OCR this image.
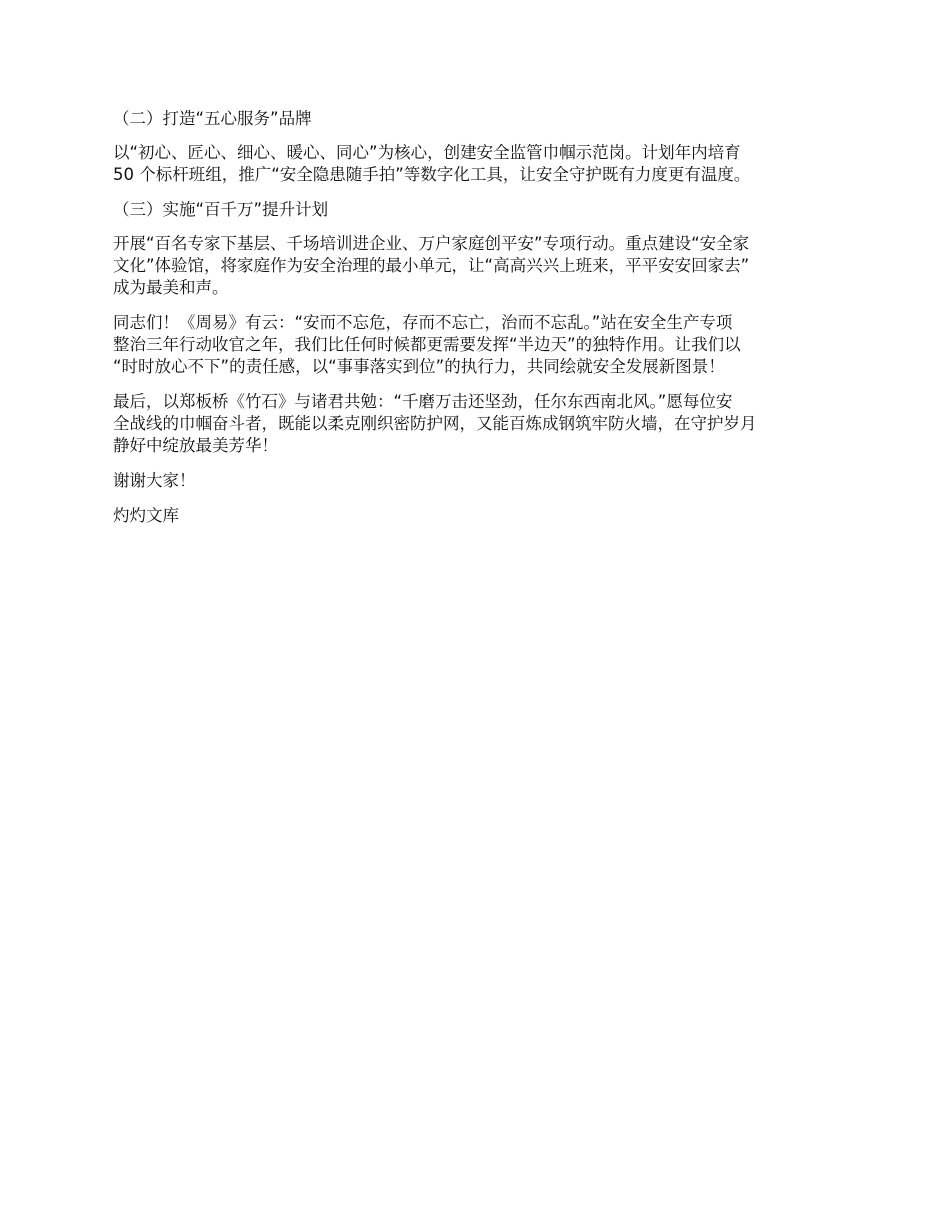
（二）打造“五心服务”品牌

以“初心、匠心、细心、暖心、同心”为核心，创建安全监管巾帼示范岗。计划年内培育
50 个标杆班组，推广“安全隐患随手拍”等数字化工具，让安全守护既有力度更有温度。

（三）实施“百千万”提升计划

开展“百名专家下基层、千场培训进企业、万户家庭创平安”专项行动。重点建设“安全家
文化”体验馆，将家庭作为安全治理的最小单元，让“高高兴兴上班来，平平安安回家去”
成为最美和声。

同志们！《周易》有云：“安而不忘危，存而不忘亡，治而不忘乱。”站在安全生产专项
整治三年行动收官之年，我们比任何时候都更需要发挥“半边天”的独特作用。让我们以
“时时放心不下”的责任感，以“事事落实到位”的执行力，共同绘就安全发展新图景！

最后，以郑板桥《竹石》与诸君共勉：“千磨万击还坚劲，任尔东西南北风。”愿每位安
全战线的巾帼奋斗者，既能以柔克刚织密防护网，又能百炼成钢筑牢防火墙，在守护岁月
静好中绽放最美芳华！

谢谢大家！

灼灼文库
